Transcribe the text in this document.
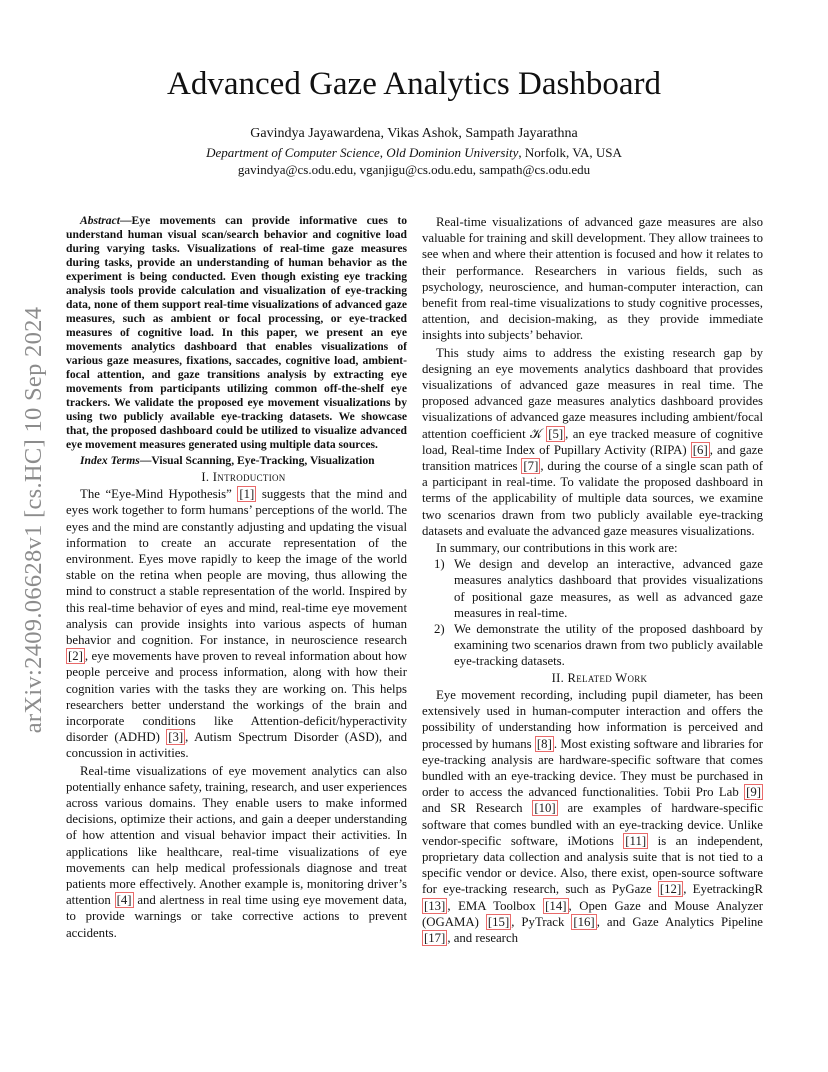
arXiv:2409.06628v1 [cs.HC] 10 Sep 2024
Advanced Gaze Analytics Dashboard
Gavindya Jayawardena, Vikas Ashok, Sampath Jayarathna
Department of Computer Science, Old Dominion University, Norfolk, VA, USA
gavindya@cs.odu.edu, vganjigu@cs.odu.edu, sampath@cs.odu.edu

Abstract—Eye movements can provide informative cues to understand human visual scan/search behavior and cognitive load during varying tasks. Visualizations of real-time gaze measures during tasks, provide an understanding of human behavior as the experiment is being conducted. Even though existing eye tracking analysis tools provide calculation and visualization of eye-tracking data, none of them support real-time visualizations of advanced gaze measures, such as ambient or focal processing, or eye-tracked measures of cognitive load. In this paper, we present an eye movements analytics dashboard that enables visualizations of various gaze measures, fixations, saccades, cognitive load, ambient-focal attention, and gaze transitions analysis by extracting eye movements from participants utilizing common off-the-shelf eye trackers. We validate the proposed eye movement visualizations by using two publicly available eye-tracking datasets. We showcase that, the proposed dashboard could be utilized to visualize advanced eye movement measures generated using multiple data sources.

Index Terms—Visual Scanning, Eye-Tracking, Visualization

I. Introduction

The “Eye-Mind Hypothesis” [1] suggests that the mind and eyes work together to form humans’ perceptions of the world. The eyes and the mind are constantly adjusting and updating the visual information to create an accurate representation of the environment. Eyes move rapidly to keep the image of the world stable on the retina when people are moving, thus allowing the mind to construct a stable representation of the world. Inspired by this real-time behavior of eyes and mind, real-time eye movement analysis can provide insights into various aspects of human behavior and cognition. For instance, in neuroscience research [2] , eye movements have proven to reveal information about how people perceive and process information, along with how their cognition varies with the tasks they are working on. This helps researchers better understand the workings of the brain and incorporate conditions like Attention-deficit/hyperactivity disorder (ADHD) [3] , Autism Spectrum Disorder (ASD), and concussion in activities.

Real-time visualizations of eye movement analytics can also potentially enhance safety, training, research, and user experiences across various domains. They enable users to make informed decisions, optimize their actions, and gain a deeper understanding of how attention and visual behavior impact their activities. In applications like healthcare, real-time visualizations of eye movements can help medical professionals diagnose and treat patients more effectively. Another example is, monitoring driver’s attention [4] and alertness in real time using eye movement data, to provide warnings or take corrective actions to prevent accidents.

Real-time visualizations of advanced gaze measures are also valuable for training and skill development. They allow trainees to see when and where their attention is focused and how it relates to their performance. Researchers in various fields, such as psychology, neuroscience, and human-computer interaction, can benefit from real-time visualizations to study cognitive processes, attention, and decision-making, as they provide immediate insights into subjects’ behavior.

This study aims to address the existing research gap by designing an eye movements analytics dashboard that provides visualizations of advanced gaze measures in real time. The proposed advanced gaze measures analytics dashboard provides visualizations of advanced gaze measures including ambient/focal attention coefficient 𝒦 [5] , an eye tracked measure of cognitive load, Real-time Index of Pupillary Activity (RIPA) [6] , and gaze transition matrices [7] , during the course of a single scan path of a participant in real-time. To validate the proposed dashboard in terms of the applicability of multiple data sources, we examine two scenarios drawn from two publicly available eye-tracking datasets and evaluate the advanced gaze measures visualizations.

In summary, our contributions in this work are:

1) We design and develop an interactive, advanced gaze measures analytics dashboard that provides visualizations of positional gaze measures, as well as advanced gaze measures in real-time.
2) We demonstrate the utility of the proposed dashboard by examining two scenarios drawn from two publicly available eye-tracking datasets.

II. Related Work

Eye movement recording, including pupil diameter, has been extensively used in human-computer interaction and offers the possibility of understanding how information is perceived and processed by humans [8] . Most existing software and libraries for eye-tracking analysis are hardware-specific software that comes bundled with an eye-tracking device. They must be purchased in order to access the advanced functionalities. Tobii Pro Lab [9] and SR Research [10] are examples of hardware-specific software that comes bundled with an eye-tracking device. Unlike vendor-specific software, iMotions [11] is an independent, proprietary data collection and analysis suite that is not tied to a specific vendor or device. Also, there exist, open-source software for eye-tracking research, such as PyGaze [12] , EyetrackingR [13] , EMA Toolbox [14] , Open Gaze and Mouse Analyzer (OGAMA) [15] , PyTrack [16] , and Gaze Analytics Pipeline [17] , and research
